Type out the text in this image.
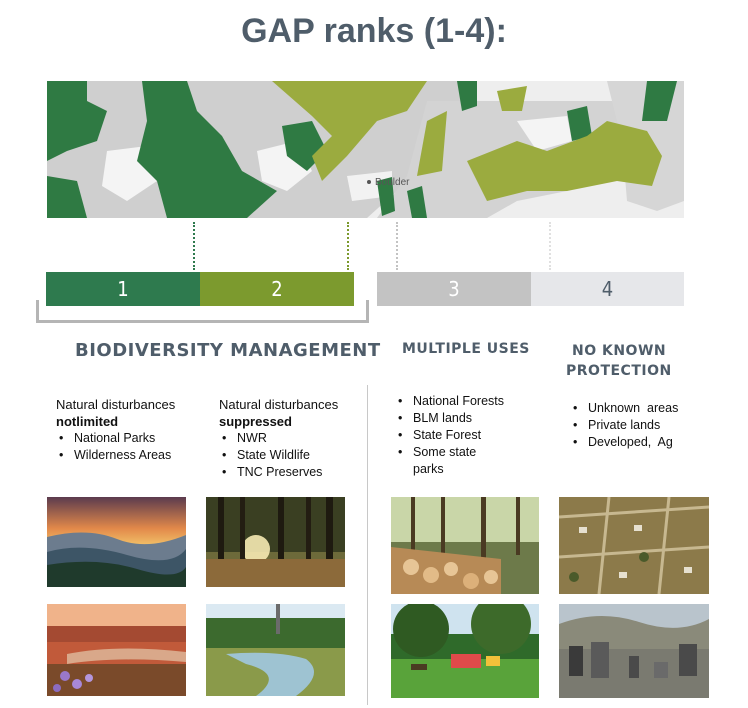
GAP ranks (1-4):
Boulder
1	2	3	4
BIODIVERSITY MANAGEMENT MULTIPLE USES	NO KNOWN
PROTECTION
Natural disturbances
notlimited
• National Parks
• Wilderness Areas
Natural disturbances
suppressed
• NWR
• State Wildlife
• TNC Preserves
• National Forests
• BLM lands
• State Forest
• Some state parks
• Unknown  areas
• Private lands
• Developed,  Ag
